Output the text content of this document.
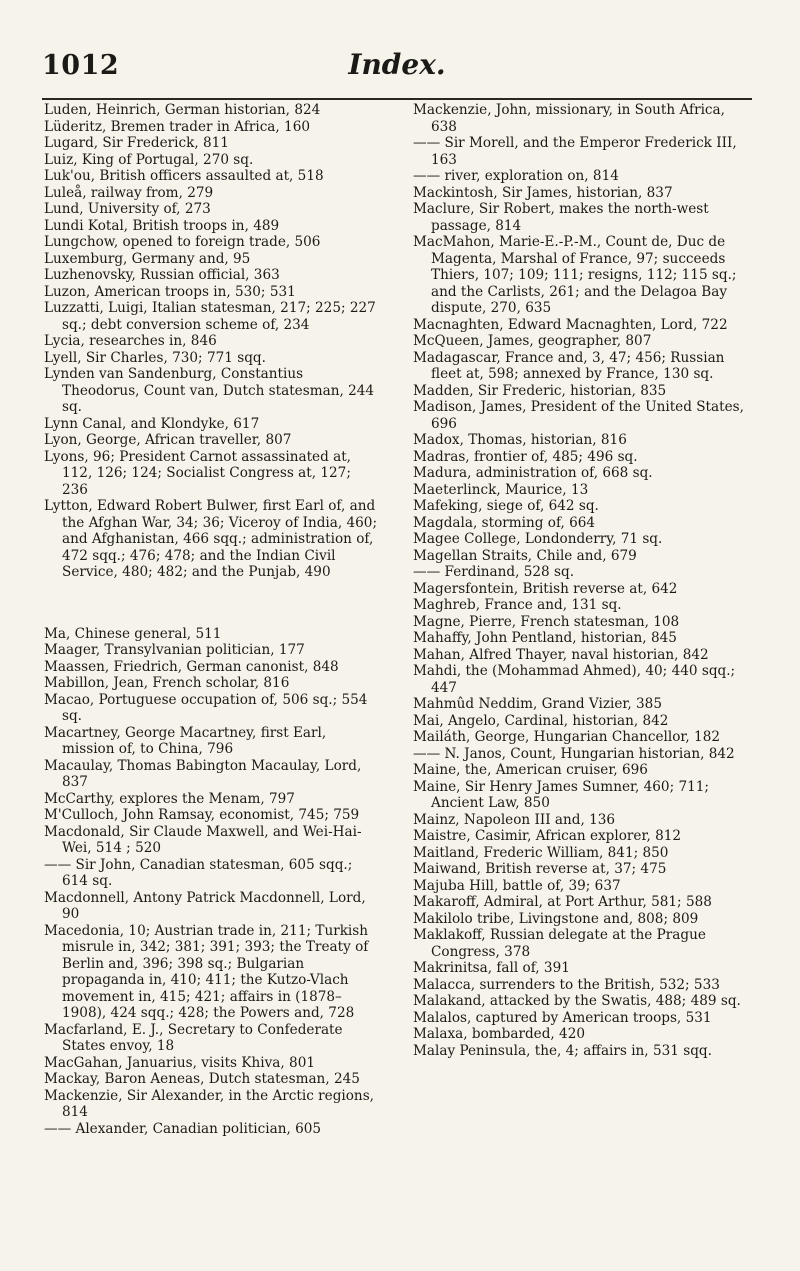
1012	Index.

Luden, Heinrich, German historian, 824

Lüderitz, Bremen trader in Africa, 160

Lugard, Sir Frederick, 811

Luiz, King of Portugal, 270 sq.

Luk'ou, British officers assaulted at, 518

Luleå, railway from, 279

Lund, University of, 273

Lundi Kotal, British troops in, 489

Lungchow, opened to foreign trade, 506

Luxemburg, Germany and, 95

Luzhenovsky, Russian official, 363

Luzon, American troops in, 530; 531

Luzzatti, Luigi, Italian statesman, 217; 225; 227 sq.; debt conversion scheme of, 234

Lycia, researches in, 846

Lyell, Sir Charles, 730; 771 sqq.

Lynden van Sandenburg, Constantius Theodorus, Count van, Dutch statesman, 244 sq.

Lynn Canal, and Klondyke, 617

Lyon, George, African traveller, 807

Lyons, 96; President Carnot assassinated at, 112, 126; 124; Socialist Congress at, 127; 236

Lytton, Edward Robert Bulwer, first Earl of, and the Afghan War, 34; 36; Viceroy of India, 460; and Afghanistan, 466 sqq.; administration of, 472 sqq.; 476; 478; and the Indian Civil Service, 480; 482; and the Punjab, 490

Ma, Chinese general, 511

Maager, Transylvanian politician, 177

Maassen, Friedrich, German canonist, 848

Mabillon, Jean, French scholar, 816

Macao, Portuguese occupation of, 506 sq.; 554 sq.

Macartney, George Macartney, first Earl, mission of, to China, 796

Macaulay, Thomas Babington Macaulay, Lord, 837

McCarthy, explores the Menam, 797

M'Culloch, John Ramsay, economist, 745; 759

Macdonald, Sir Claude Maxwell, and Wei-Hai-Wei, 514 ; 520

—— Sir John, Canadian statesman, 605 sqq.; 614 sq.

Macdonnell, Antony Patrick Macdonnell, Lord, 90

Macedonia, 10; Austrian trade in, 211; Turkish misrule in, 342; 381; 391; 393; the Treaty of Berlin and, 396; 398 sq.; Bulgarian propaganda in, 410; 411; the Kutzo-Vlach movement in, 415; 421; affairs in (1878–1908), 424 sqq.; 428; the Powers and, 728

Macfarland, E. J., Secretary to Confederate States envoy, 18

MacGahan, Januarius, visits Khiva, 801

Mackay, Baron Aeneas, Dutch statesman, 245

Mackenzie, Sir Alexander, in the Arctic regions, 814

—— Alexander, Canadian politician, 605

Mackenzie, John, missionary, in South Africa, 638

—— Sir Morell, and the Emperor Frederick III, 163

—— river, exploration on, 814

Mackintosh, Sir James, historian, 837

Maclure, Sir Robert, makes the north-west passage, 814

MacMahon, Marie-E.-P.-M., Count de, Duc de Magenta, Marshal of France, 97; succeeds Thiers, 107; 109; 111; resigns, 112; 115 sq.; and the Carlists, 261; and the Delagoa Bay dispute, 270, 635

Macnaghten, Edward Macnaghten, Lord, 722

McQueen, James, geographer, 807

Madagascar, France and, 3, 47; 456; Russian fleet at, 598; annexed by France, 130 sq.

Madden, Sir Frederic, historian, 835

Madison, James, President of the United States, 696

Madox, Thomas, historian, 816

Madras, frontier of, 485; 496 sq.

Madura, administration of, 668 sq.

Maeterlinck, Maurice, 13

Mafeking, siege of, 642 sq.

Magdala, storming of, 664

Magee College, Londonderry, 71 sq.

Magellan Straits, Chile and, 679

—— Ferdinand, 528 sq.

Magersfontein, British reverse at, 642

Maghreb, France and, 131 sq.

Magne, Pierre, French statesman, 108

Mahaffy, John Pentland, historian, 845

Mahan, Alfred Thayer, naval historian, 842

Mahdi, the (Mohammad Ahmed), 40; 440 sqq.; 447

Mahmûd Neddim, Grand Vizier, 385

Mai, Angelo, Cardinal, historian, 842

Mailáth, George, Hungarian Chancellor, 182

—— N. Janos, Count, Hungarian historian, 842

Maine, the, American cruiser, 696

Maine, Sir Henry James Sumner, 460; 711; Ancient Law, 850

Mainz, Napoleon III and, 136

Maistre, Casimir, African explorer, 812

Maitland, Frederic William, 841; 850

Maiwand, British reverse at, 37; 475

Majuba Hill, battle of, 39; 637

Makaroff, Admiral, at Port Arthur, 581; 588

Makilolo tribe, Livingstone and, 808; 809

Maklakoff, Russian delegate at the Prague Congress, 378

Makrinitsa, fall of, 391

Malacca, surrenders to the British, 532; 533

Malakand, attacked by the Swatis, 488; 489 sq.

Malalos, captured by American troops, 531

Malaxa, bombarded, 420

Malay Peninsula, the, 4; affairs in, 531 sqq.
